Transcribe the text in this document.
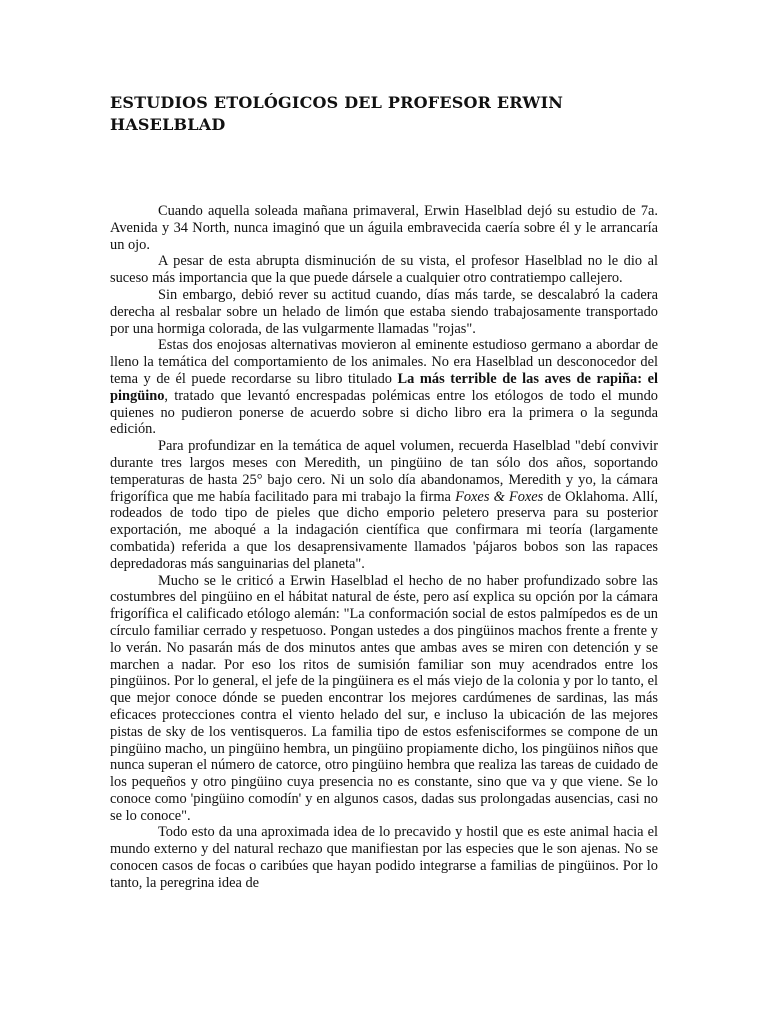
ESTUDIOS ETOLÓGICOS DEL PROFESOR ERWIN
HASELBLAD

Cuando aquella soleada mañana primaveral, Erwin Haselblad dejó su estudio de 7a. Avenida y 34 North, nunca imaginó que un águila embravecida caería sobre él y le arrancaría un ojo.

A pesar de esta abrupta disminución de su vista, el profesor Haselblad no le dio al suceso más importancia que la que puede dársele a cualquier otro contratiempo callejero.

Sin embargo, debió rever su actitud cuando, días más tarde, se descalabró la cadera derecha al resbalar sobre un helado de limón que estaba siendo trabajosamente transportado por una hormiga colorada, de las vulgarmente llamadas "rojas".

Estas dos enojosas alternativas movieron al eminente estudioso germano a abordar de lleno la temática del comportamiento de los animales. No era Haselblad un desconocedor del tema y de él puede recordarse su libro titulado La más terrible de las aves de rapiña: el pingüino, tratado que levantó encrespadas polémicas entre los etólogos de todo el mundo quienes no pudieron ponerse de acuerdo sobre si dicho libro era la primera o la segunda edición.

Para profundizar en la temática de aquel volumen, recuerda Haselblad "debí convivir durante tres largos meses con Meredith, un pingüino de tan sólo dos años, soportando temperaturas de hasta 25° bajo cero. Ni un solo día abandonamos, Meredith y yo, la cámara frigorífica que me había facilitado para mi trabajo la firma Foxes & Foxes de Oklahoma. Allí, rodeados de todo tipo de pieles que dicho emporio peletero preserva para su posterior exportación, me aboqué a la indagación científica que confirmara mi teoría (largamente combatida) referida a que los desaprensivamente llamados 'pájaros bobos son las rapaces depredadoras más sanguinarias del planeta".

Mucho se le criticó a Erwin Haselblad el hecho de no haber profundizado sobre las costumbres del pingüino en el hábitat natural de éste, pero así explica su opción por la cámara frigorífica el calificado etólogo alemán: "La conformación social de estos palmípedos es de un círculo familiar cerrado y respetuoso. Pongan ustedes a dos pingüinos machos frente a frente y lo verán. No pasarán más de dos minutos antes que ambas aves se miren con detención y se marchen a nadar. Por eso los ritos de sumisión familiar son muy acendrados entre los pingüinos. Por lo general, el jefe de la pingüinera es el más viejo de la colonia y por lo tanto, el que mejor conoce dónde se pueden encontrar los mejores cardúmenes de sardinas, las más eficaces protecciones contra el viento helado del sur, e incluso la ubicación de las mejores pistas de sky de los ventisqueros. La familia tipo de estos esfenisciformes se compone de un pingüino macho, un pingüino hembra, un pingüino propiamente dicho, los pingüinos niños que nunca superan el número de catorce, otro pingüino hembra que realiza las tareas de cuidado de los pequeños y otro pingüino cuya presencia no es constante, sino que va y que viene. Se lo conoce como 'pingüino comodín' y en algunos casos, dadas sus prolongadas ausencias, casi no se lo conoce".

Todo esto da una aproximada idea de lo precavido y hostil que es este animal hacia el mundo externo y del natural rechazo que manifiestan por las especies que le son ajenas. No se conocen casos de focas o caribúes que hayan podido integrarse a familias de pingüinos. Por lo tanto, la peregrina idea de
